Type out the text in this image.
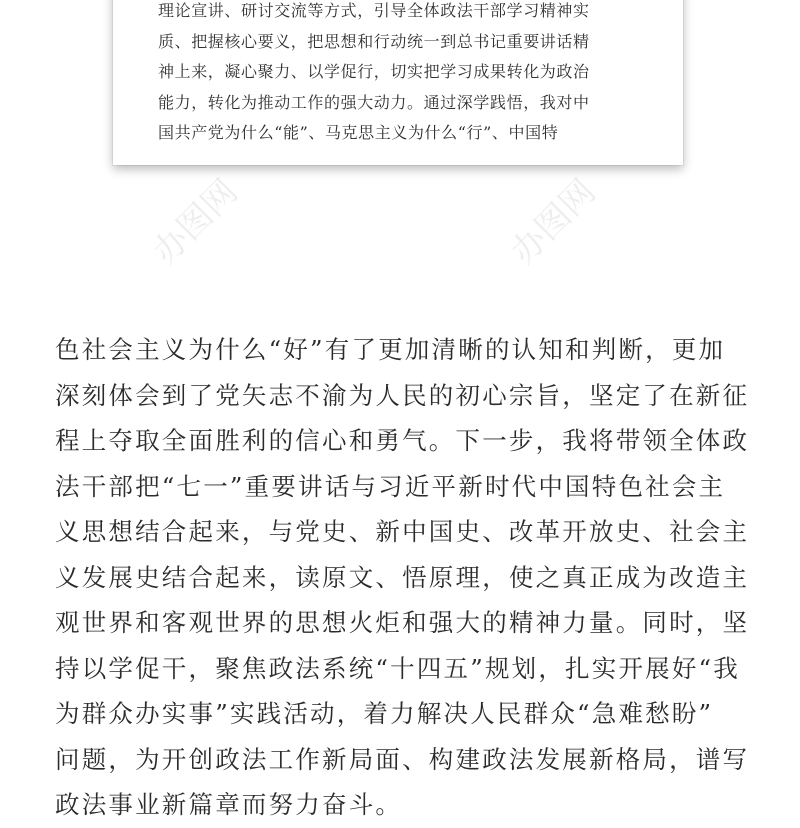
理论宣讲、研讨交流等方式，引导全体政法干部学习精神实
质、把握核心要义，把思想和行动统一到总书记重要讲话精
神上来，凝心聚力、以学促行，切实把学习成果转化为政治
能力，转化为推动工作的强大动力。通过深学践悟，我对中
国共产党为什么“能”、马克思主义为什么“行”、中国特
办图网	办图网
色社会主义为什么“好”有了更加清晰的认知和判断，更加
深刻体会到了党矢志不渝为人民的初心宗旨，坚定了在新征
程上夺取全面胜利的信心和勇气。下一步，我将带领全体政
法干部把“七一”重要讲话与习近平新时代中国特色社会主
义思想结合起来，与党史、新中国史、改革开放史、社会主
义发展史结合起来，读原文、悟原理，使之真正成为改造主
观世界和客观世界的思想火炬和强大的精神力量。同时，坚
持以学促干，聚焦政法系统“十四五”规划，扎实开展好“我
为群众办实事”实践活动，着力解决人民群众“急难愁盼”
问题，为开创政法工作新局面、构建政法发展新格局，谱写
政法事业新篇章而努力奋斗。
